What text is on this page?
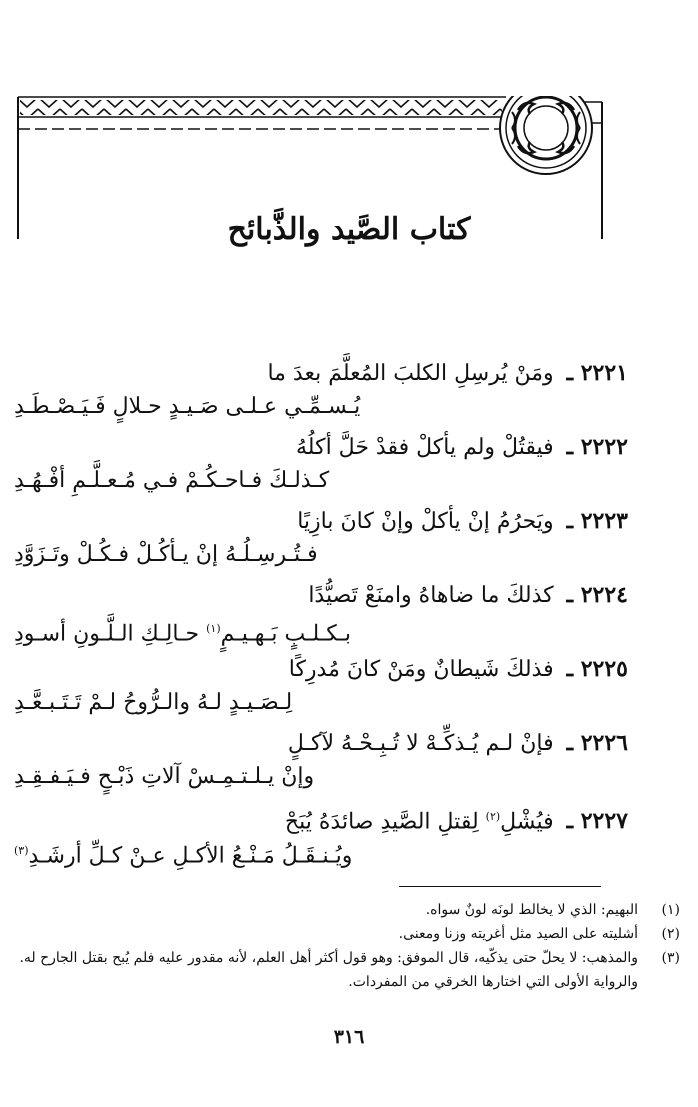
كتاب الصَّيد والذَّبائح
٢٢٢١ ـ ومَنْ يُرسِلِ الكلبَ المُعلَّمَ بعدَ ما
يُـسـمِّـي عـلـى صَـيـدٍ حـلالٍ فَـيَـصْـطَـدِ
٢٢٢٢ ـ فيقتُلْ ولم يأكلْ فقدْ حَلَّ أكلُهُ
كـذلـكَ فـاحـكُـمْ فـي مُـعـلَّـمِ أفْـهُـدِ
٢٢٢٣ ـ ويَحرُمُ إنْ يأكلْ وإنْ كانَ بازِيًا
فـتُـرسِـلُـهُ إنْ يـأكُـلْ فـكُـلْ وتَـزَوَّدِ
٢٢٢٤ ـ كذلكَ ما ضاهاهُ وامنَعْ تَصيُّدًا
بـكـلـبٍ بَـهـيـمٍ$^{(١)}$ حـالِـكِ الـلَّـونِ أسـودِ
٢٢٢٥ ـ فذلكَ شَيطانٌ ومَنْ كانَ مُدرِكًا
لِـصَـيـدٍ لـهُ والـرُّوحُ لـمْ تَـتَـبـعَّـدِ
٢٢٢٦ ـ فإنْ لـم يُـذكِّـهْ لا تُـبِـحْـهُ لآكـلٍ
وإنْ يـلـتـمِـسْ آلاتِ ذَبْـحٍ فـيَـفـقِـدِ
٢٢٢٧ ـ فيُشْلِ$^{(٢)}$ لِقتلِ الصَّيدِ صائدَهُ يُبَحْ
ويُـنـقَـلُ مَـنْـعُ الأكـلِ عـنْ كـلِّ أرشَـدِ$^{(٣)}$
(١)
البهيم: الذي لا يخالط لونَه لونٌ سواه.
(٢)
أشليته على الصيد مثل أغريته وزنا ومعنى.
(٣)
والمذهب: لا يحلّ حتى يذكّيه، قال الموفق: وهو قول أكثر أهل العلم، لأنه مقدور عليه فلم يُبح بقتل الجارح له. والرواية الأولى التي اختارها الخرقي من المفردات.
٣١٦
